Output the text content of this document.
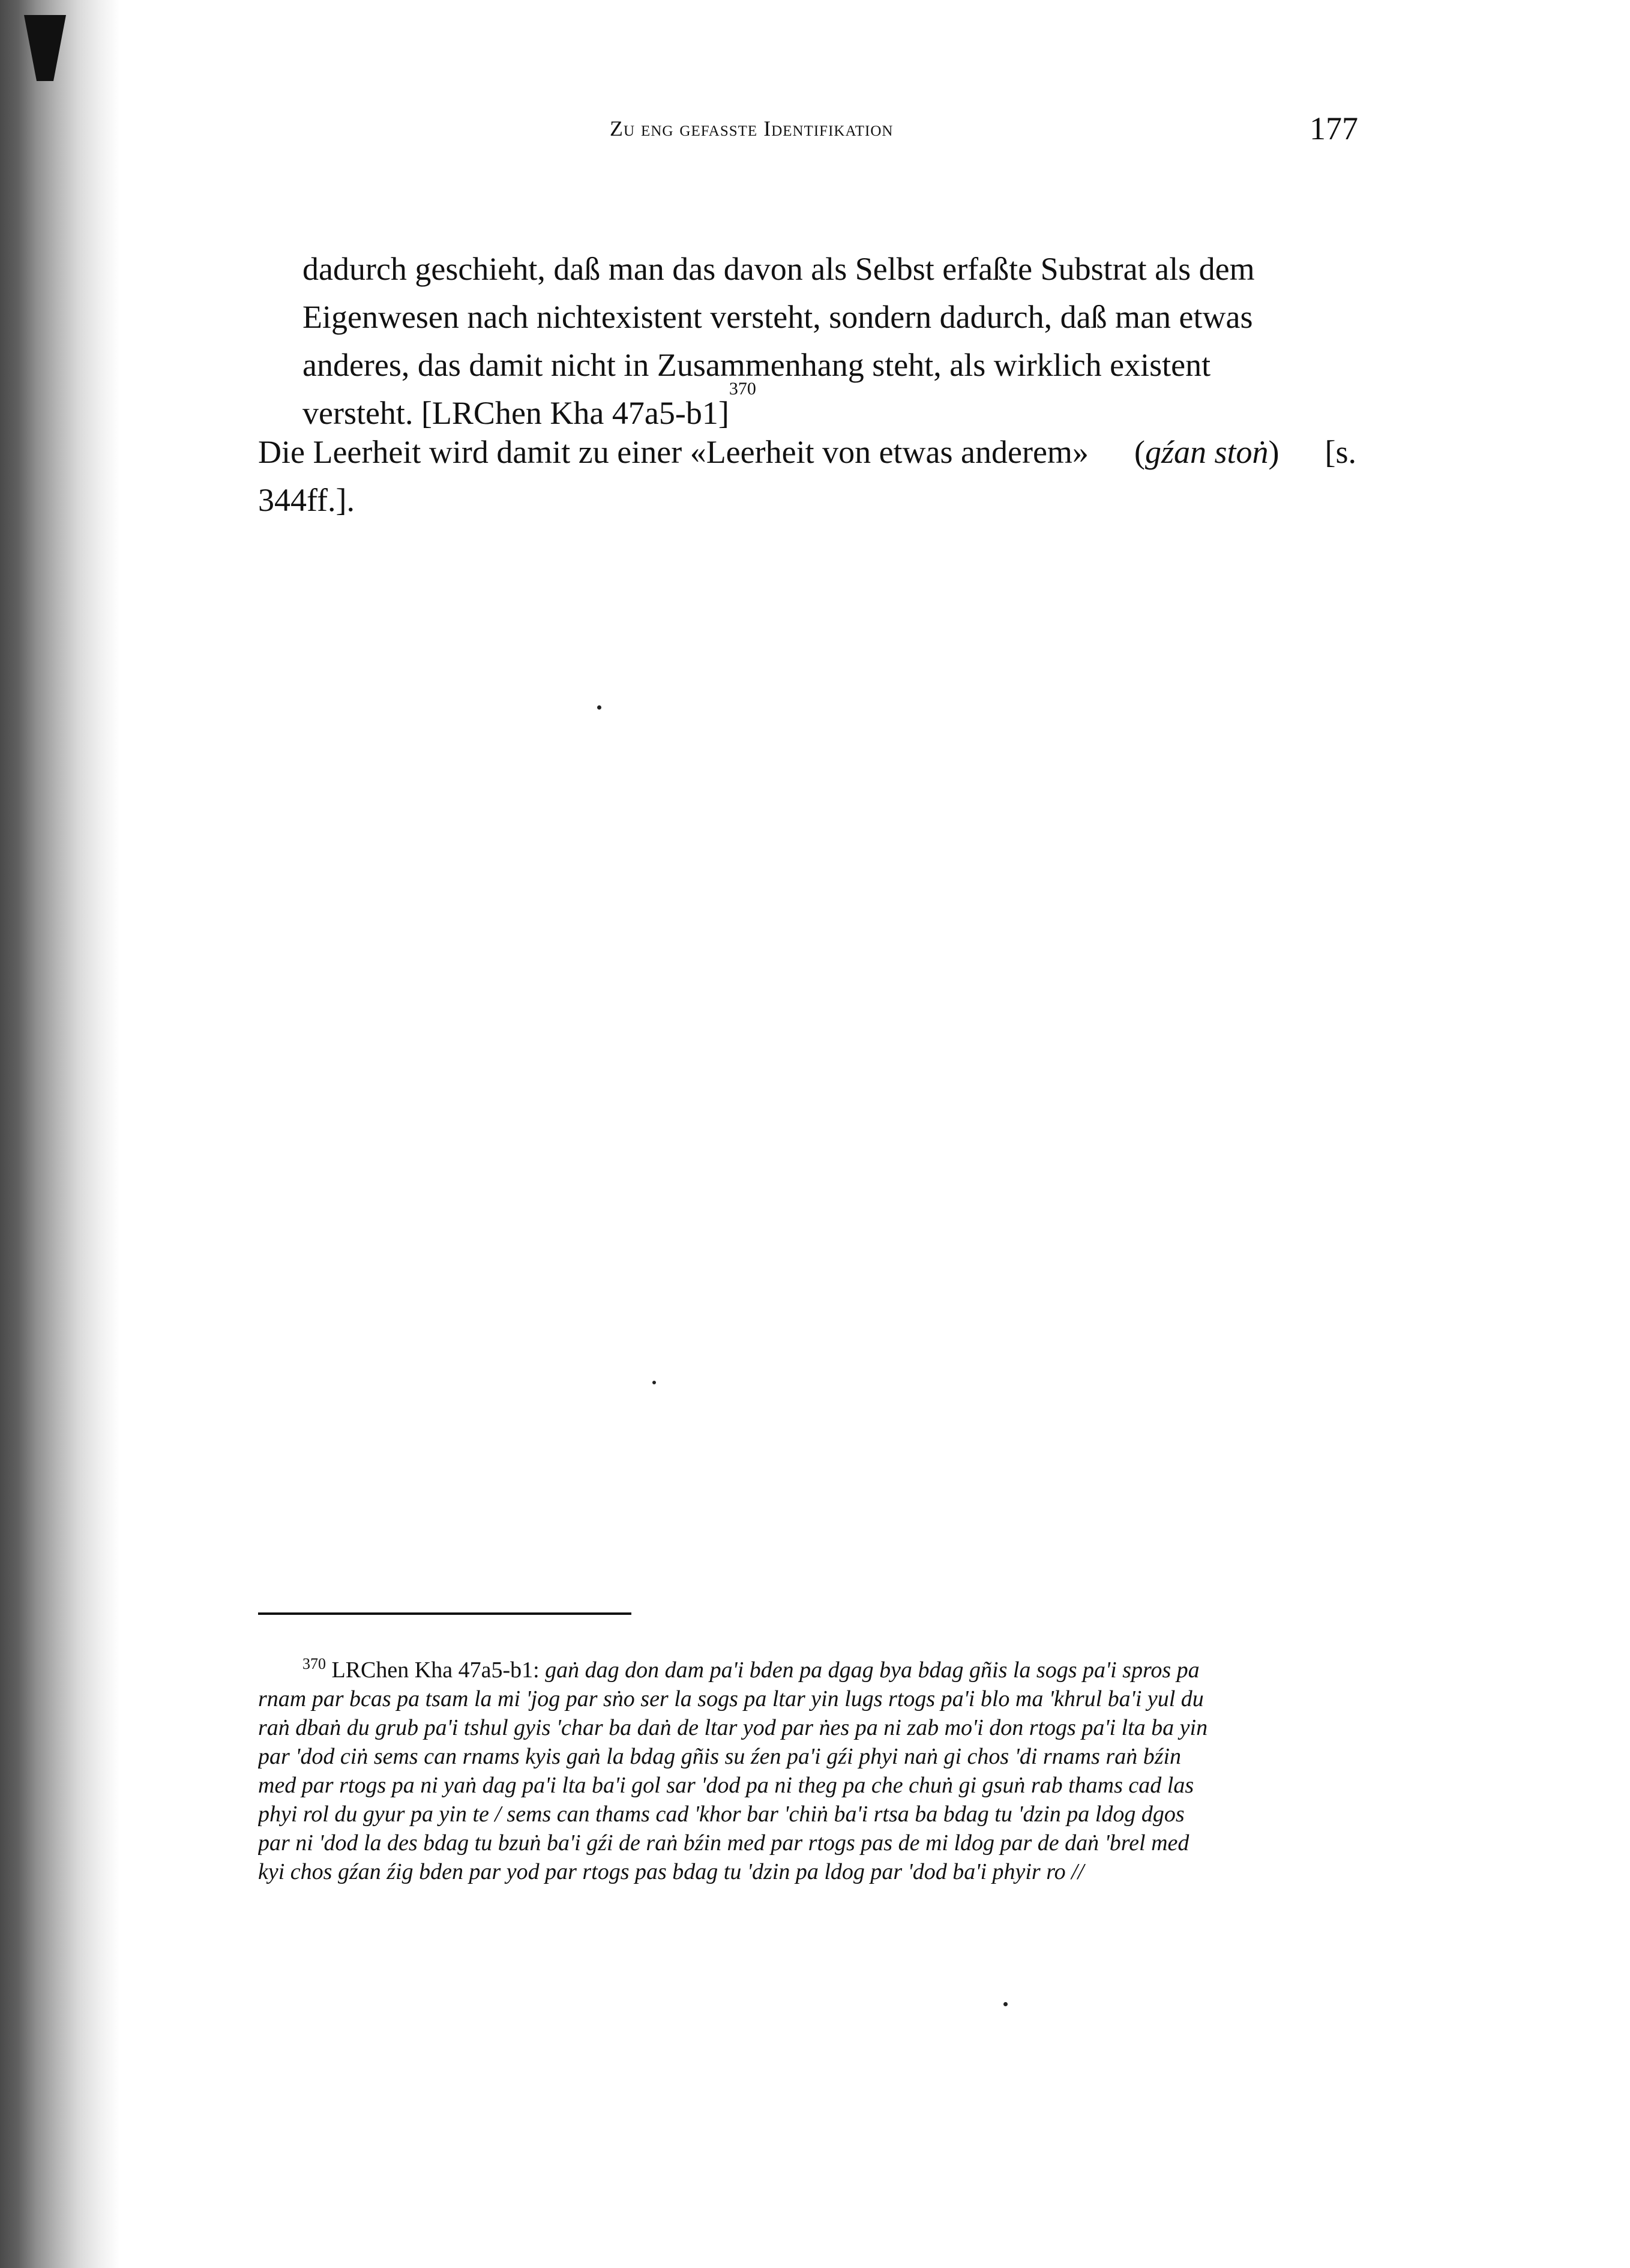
Zu eng gefasste Identifikation	177
dadurch geschieht, daß man das davon als Selbst erfaßte Substrat als dem
Eigenwesen nach nichtexistent versteht, sondern dadurch, daß man etwas
anderes, das damit nicht in Zusammenhang steht, als wirklich existent
versteht. [LRChen Kha 47a5-b1]
370
Die Leerheit wird damit zu einer «Leerheit von etwas anderem» (gźan stoṅ) [s.
344ff.].
$^{370}$ LRChen Kha 47a5-b1: gaṅ dag don dam pa'i bden pa dgag bya bdag gñis la sogs pa'i spros pa
rnam par bcas pa tsam la mi 'jog par sṅo ser la sogs pa ltar yin lugs rtogs pa'i blo ma 'khrul ba'i yul du
raṅ dbaṅ du grub pa'i tshul gyis 'char ba daṅ de ltar yod par ṅes pa ni zab mo'i don rtogs pa'i lta ba yin
par 'dod ciṅ sems can rnams kyis gaṅ la bdag gñis su źen pa'i gźi phyi naṅ gi chos 'di rnams raṅ bźin
med par rtogs pa ni yaṅ dag pa'i lta ba'i gol sar 'dod pa ni theg pa che chuṅ gi gsuṅ rab thams cad las
phyi rol du gyur pa yin te / sems can thams cad 'khor bar 'chiṅ ba'i rtsa ba bdag tu 'dzin pa ldog dgos
par ni 'dod la des bdag tu bzuṅ ba'i gźi de raṅ bźin med par rtogs pas de mi ldog par de daṅ 'brel med
kyi chos gźan źig bden par yod par rtogs pas bdag tu 'dzin pa ldog par 'dod ba'i phyir ro //
